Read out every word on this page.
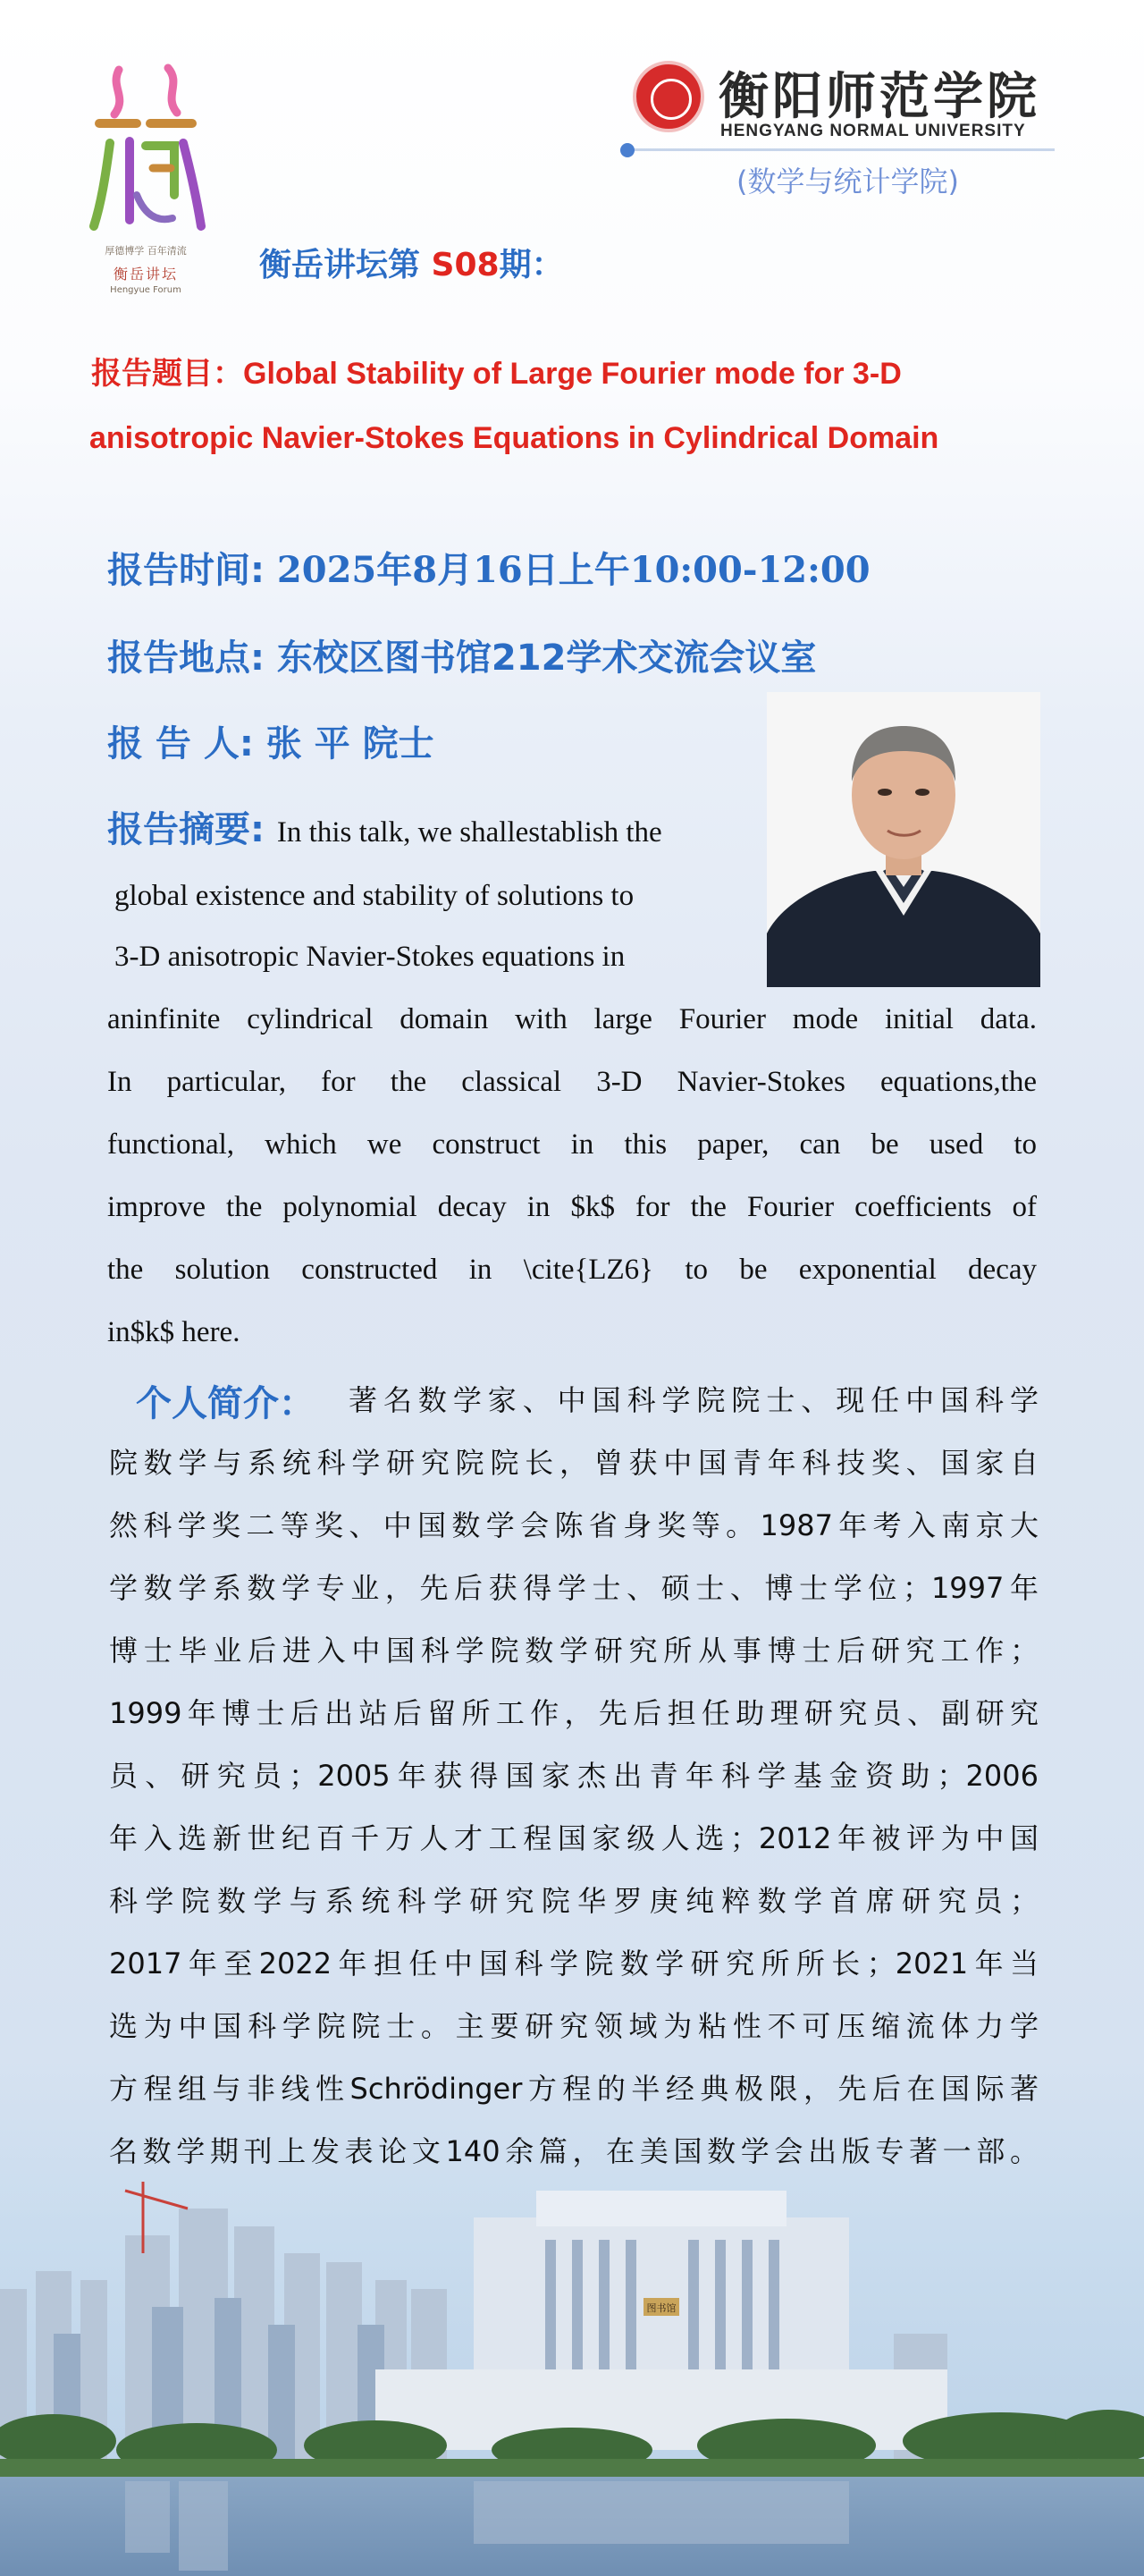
厚德博学 百年清流
衡岳讲坛
Hengyue Forum
衡阳师范学院
HENGYANG NORMAL UNIVERSITY
(数学与统计学院)
衡岳讲坛第 S08期：
报告题目：Global Stability of Large Fourier mode for 3-D
anisotropic Navier-Stokes Equations in Cylindrical Domain
报告时间: 2025年8月16日上午10:00-12:00
报告地点: 东校区图书馆212学术交流会议室
报 告 人: 张 平 院士
报告摘要: In this talk, we shallestablish the
global existence and stability of solutions to
3-D anisotropic Navier-Stokes equations in
aninfinite cylindrical domain with large Fourier mode initial data.
In particular, for the classical 3-D Navier-Stokes equations,the
functional, which we construct in this paper, can be used to
improve the polynomial decay in $k$ for the Fourier coefficients of
the solution constructed in \cite{LZ6} to be exponential decay
in$k$ here.
个人简介： 著名数学家、中国科学院院士、现任中国科学
院数学与系统科学研究院院长，曾获中国青年科技奖、国家自
然科学奖二等奖、中国数学会陈省身奖等。1987年考入南京大
学数学系数学专业，先后获得学士、硕士、博士学位；1997年
博士毕业后进入中国科学院数学研究所从事博士后研究工作；
1999年博士后出站后留所工作，先后担任助理研究员、副研究
员、研究员；2005年获得国家杰出青年科学基金资助；2006
年入选新世纪百千万人才工程国家级人选；2012年被评为中国
科学院数学与系统科学研究院华罗庚纯粹数学首席研究员；
2017年至2022年担任中国科学院数学研究所所长；2021年当
选为中国科学院院士。主要研究领域为粘性不可压缩流体力学
方程组与非线性Schrödinger方程的半经典极限，先后在国际著
名数学期刊上发表论文140余篇，在美国数学会出版专著一部。
图书馆
